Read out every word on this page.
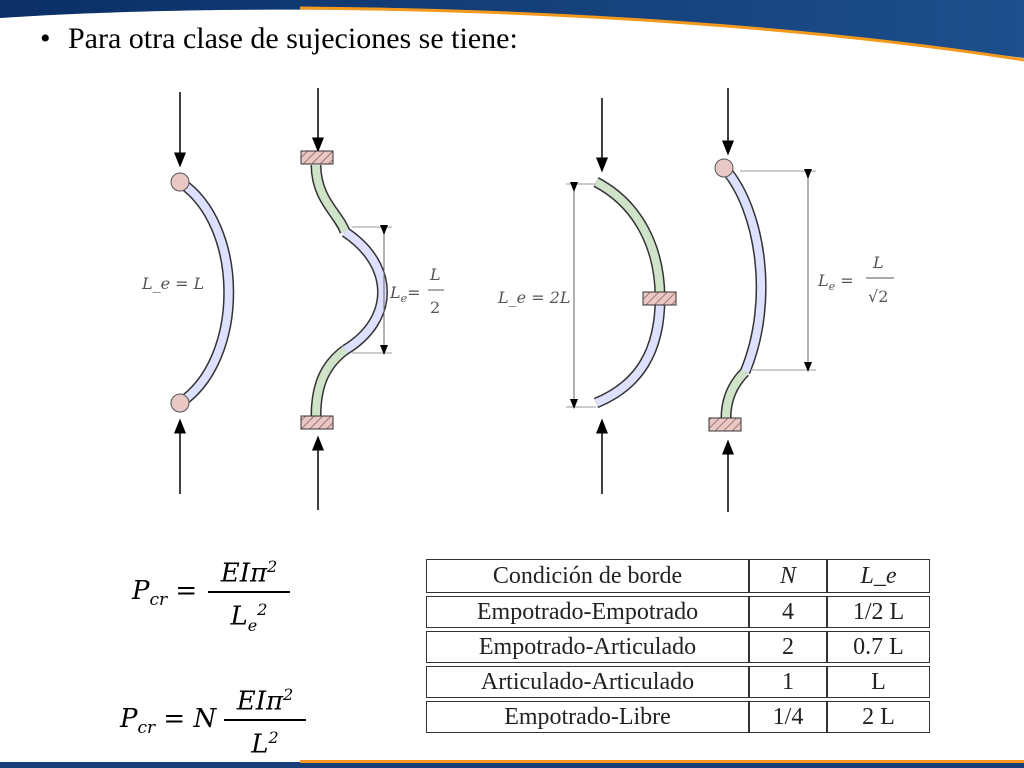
L_e = L	$L_e=$
L
2
L_e = 2L
$L_e$ =
L
√2
• Para otra clase de sujeciones se tiene:
$P_{cr}$ =
EIπ$^2$
$L_e^2$
$P_{cr} = N$
EIπ$^2$
$L^2$
Condición de borde	N	L_e
Empotrado-Empotrado	4	1/2 L
Empotrado-Articulado	2	0.7 L
Articulado-Articulado	1	L
Empotrado-Libre	1/4	2 L
